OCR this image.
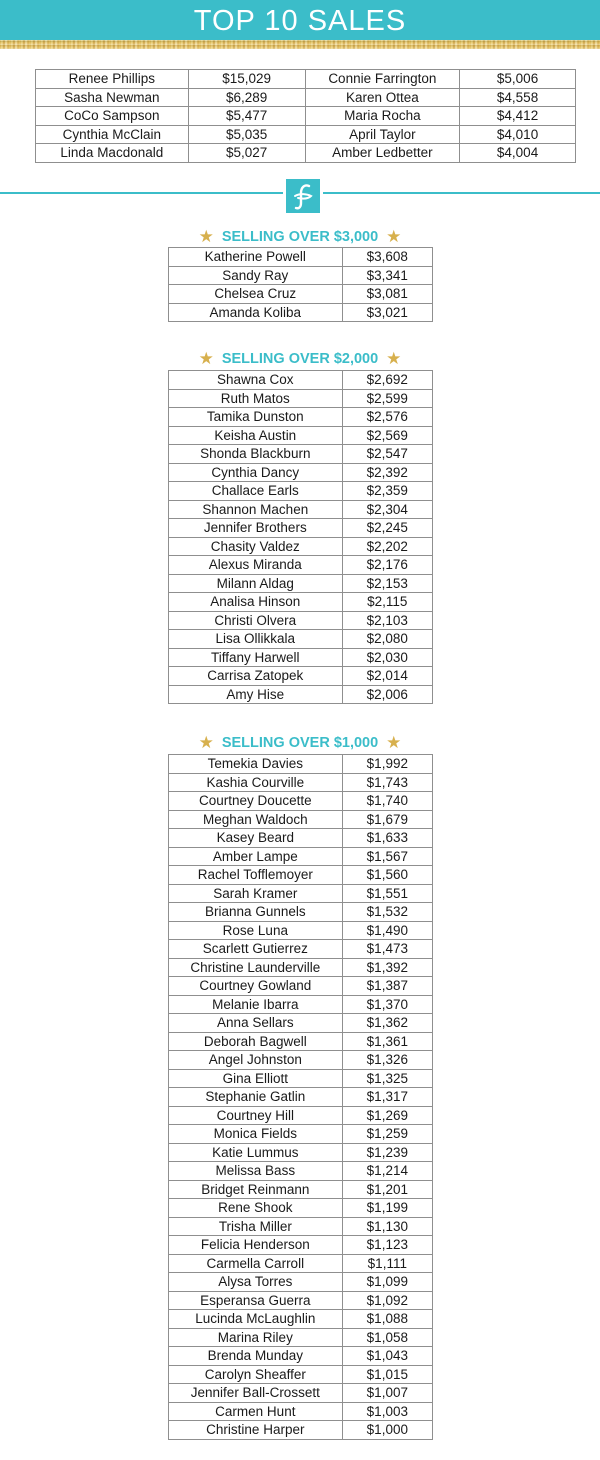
TOP 10 SALES
Renee Phillips	$15,029	Connie Farrington	$5,006
Sasha Newman	$6,289	Karen Ottea	$4,558
CoCo Sampson	$5,477	Maria Rocha	$4,412
Cynthia McClain	$5,035	April Taylor	$4,010
Linda Macdonald	$5,027	Amber Ledbetter	$4,004
★ SELLING OVER $3,000 ★
Katherine Powell	$3,608
Sandy Ray	$3,341
Chelsea Cruz	$3,081
Amanda Koliba	$3,021
★ SELLING OVER $2,000 ★
Shawna Cox	$2,692
Ruth Matos	$2,599
Tamika Dunston	$2,576
Keisha Austin	$2,569
Shonda Blackburn	$2,547
Cynthia Dancy	$2,392
Challace Earls	$2,359
Shannon Machen	$2,304
Jennifer Brothers	$2,245
Chasity Valdez	$2,202
Alexus Miranda	$2,176
Milann Aldag	$2,153
Analisa Hinson	$2,115
Christi Olvera	$2,103
Lisa Ollikkala	$2,080
Tiffany Harwell	$2,030
Carrisa Zatopek	$2,014
Amy Hise	$2,006
★ SELLING OVER $1,000 ★
Temekia Davies	$1,992
Kashia Courville	$1,743
Courtney Doucette	$1,740
Meghan Waldoch	$1,679
Kasey Beard	$1,633
Amber Lampe	$1,567
Rachel Tofflemoyer	$1,560
Sarah Kramer	$1,551
Brianna Gunnels	$1,532
Rose Luna	$1,490
Scarlett Gutierrez	$1,473
Christine Launderville	$1,392
Courtney Gowland	$1,387
Melanie Ibarra	$1,370
Anna Sellars	$1,362
Deborah Bagwell	$1,361
Angel Johnston	$1,326
Gina Elliott	$1,325
Stephanie Gatlin	$1,317
Courtney Hill	$1,269
Monica Fields	$1,259
Katie Lummus	$1,239
Melissa Bass	$1,214
Bridget Reinmann	$1,201
Rene Shook	$1,199
Trisha Miller	$1,130
Felicia Henderson	$1,123
Carmella Carroll	$1,111
Alysa Torres	$1,099
Esperansa Guerra	$1,092
Lucinda McLaughlin	$1,088
Marina Riley	$1,058
Brenda Munday	$1,043
Carolyn Sheaffer	$1,015
Jennifer Ball-Crossett	$1,007
Carmen Hunt	$1,003
Christine Harper	$1,000
